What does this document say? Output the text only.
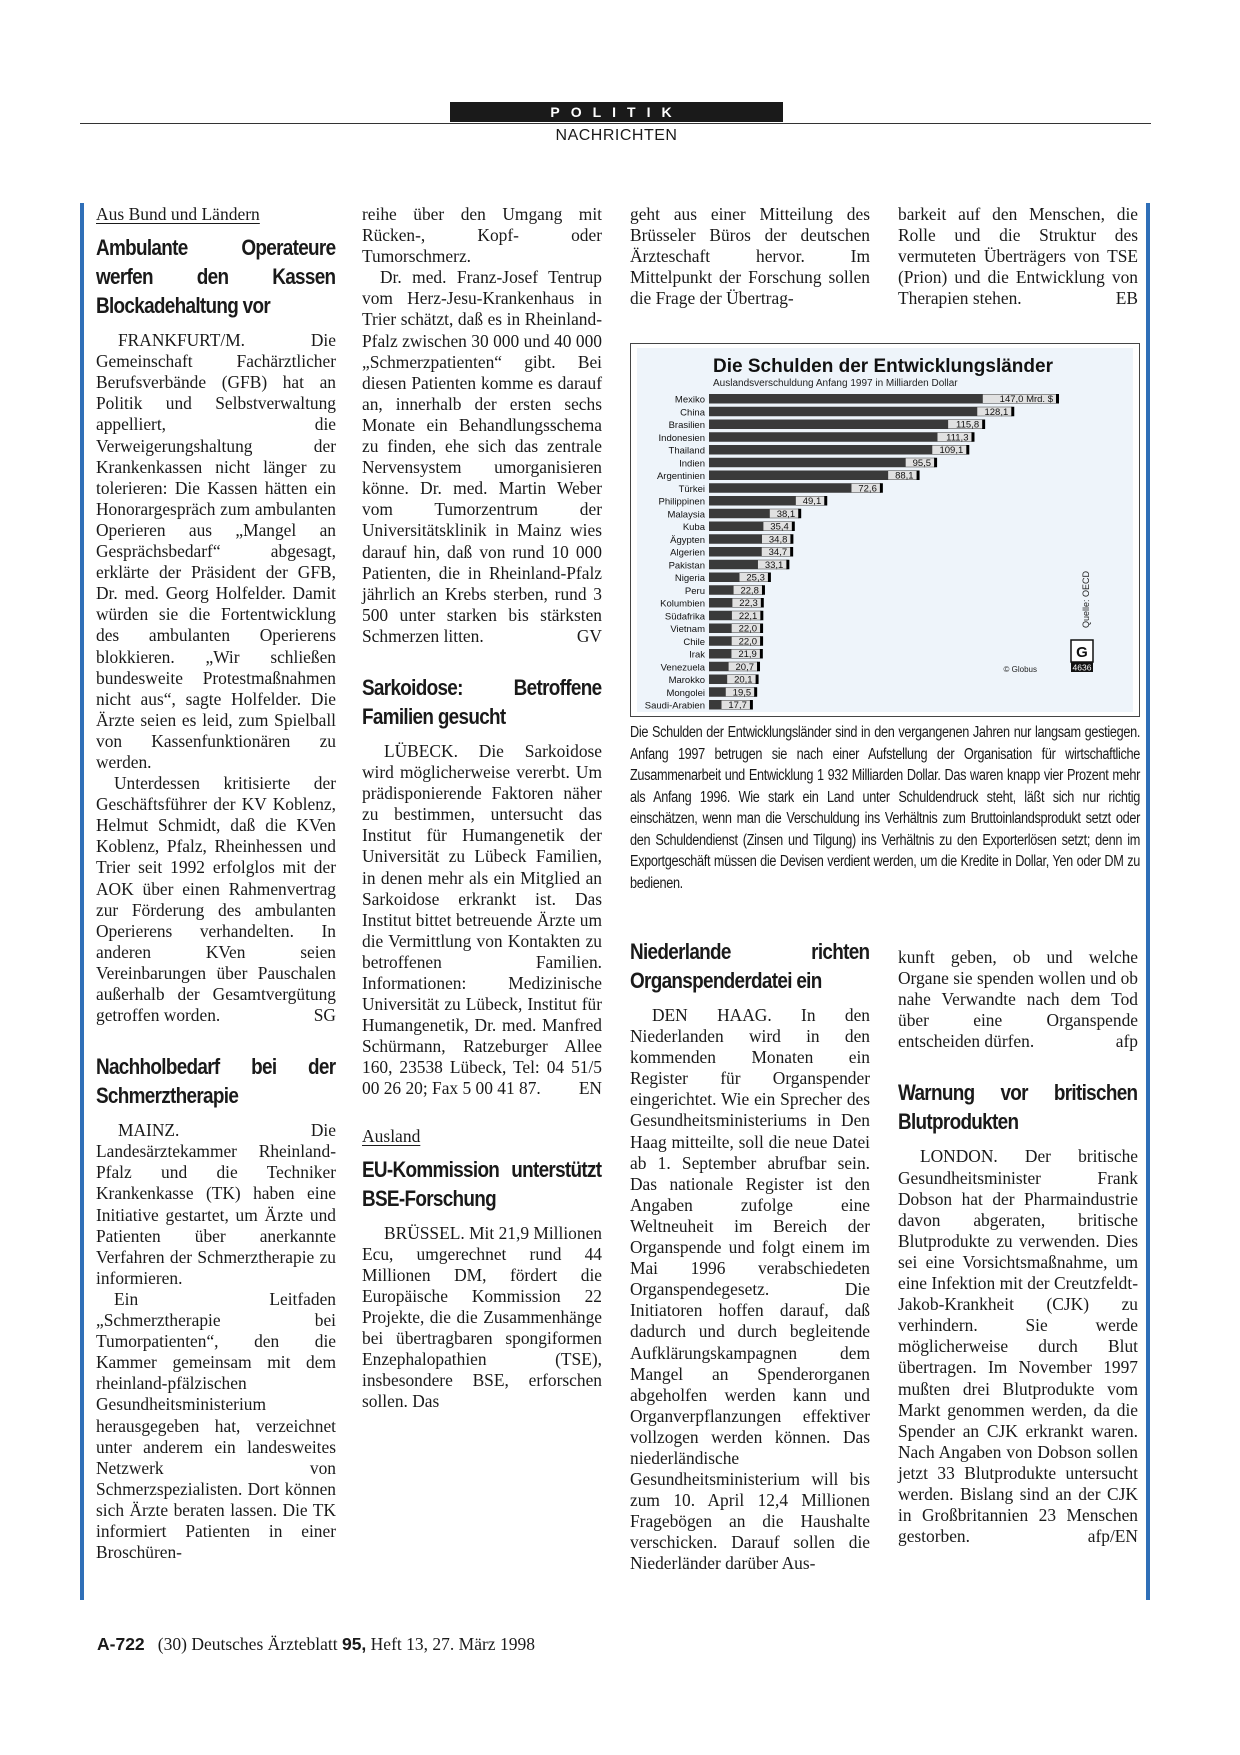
POLITIK
NACHRICHTEN
Aus Bund und Ländern
Ambulante Operateure werfen den Kassen Blockadehaltung vor

FRANKFURT/M. Die Gemeinschaft Fachärztlicher Berufsverbände (GFB) hat an Politik und Selbstverwaltung appelliert, die Verweigerungshaltung der Krankenkassen nicht länger zu tolerieren: Die Kassen hätten ein Honorargespräch zum ambulanten Operieren aus „Mangel an Gesprächsbedarf“ abgesagt, erklärte der Präsident der GFB, Dr. med. Georg Holfelder. Damit würden sie die Fortentwicklung des ambulanten Operierens blokkieren. „Wir schließen bundesweite Protestmaßnahmen nicht aus“, sagte Holfelder. Die Ärzte seien es leid, zum Spielball von Kassenfunktionären zu werden.

Unterdessen kritisierte der Geschäftsführer der KV Koblenz, Helmut Schmidt, daß die KVen Koblenz, Pfalz, Rheinhessen und Trier seit 1992 erfolglos mit der AOK über einen Rahmenvertrag zur Förderung des ambulanten Operierens verhandelten. In anderen KVen seien Vereinbarungen über Pauschalen außerhalb der Gesamtvergütung getroffen worden.	SG

Nachholbedarf bei der Schmerztherapie

MAINZ. Die Landesärztekammer Rheinland-Pfalz und die Techniker Krankenkasse (TK) haben eine Initiative gestartet, um Ärzte und Patienten über anerkannte Verfahren der Schmerztherapie zu informieren.

Ein Leitfaden „Schmerztherapie bei Tumorpatienten“, den die Kammer gemeinsam mit dem rheinland-pfälzischen Gesundheitsministerium herausgegeben hat, verzeichnet unter anderem ein landesweites Netzwerk von Schmerzspezialisten. Dort können sich Ärzte beraten lassen. Die TK informiert Patienten in einer Broschüren-

reihe über den Umgang mit Rücken-, Kopf- oder Tumorschmerz.

Dr. med. Franz-Josef Tentrup vom Herz-Jesu-Krankenhaus in Trier schätzt, daß es in Rheinland-Pfalz zwischen 30 000 und 40 000 „Schmerzpatienten“ gibt. Bei diesen Patienten komme es darauf an, innerhalb der ersten sechs Monate ein Behandlungsschema zu finden, ehe sich das zentrale Nervensystem umorganisieren könne. Dr. med. Martin Weber vom Tumorzentrum der Universitätsklinik in Mainz wies darauf hin, daß von rund 10 000 Patienten, die in Rheinland-Pfalz jährlich an Krebs sterben, rund 3 500 unter starken bis stärksten Schmerzen litten.	GV

Sarkoidose: Betroffene Familien gesucht

LÜBECK. Die Sarkoidose wird möglicherweise vererbt. Um prädisponierende Faktoren näher zu bestimmen, untersucht das Institut für Humangenetik der Universität zu Lübeck Familien, in denen mehr als ein Mitglied an Sarkoidose erkrankt ist. Das Institut bittet betreuende Ärzte um die Vermittlung von Kontakten zu betroffenen Familien. Informationen: Medizinische Universität zu Lübeck, Institut für Humangenetik, Dr. med. Manfred Schürmann, Ratzeburger Allee 160, 23538 Lübeck, Tel: 04 51/5 00 26 20; Fax 5 00 41 87.	EN

Ausland
EU-Kommission unterstützt BSE-Forschung

BRÜSSEL. Mit 21,9 Millionen Ecu, umgerechnet rund 44 Millionen DM, fördert die Europäische Kommission 22 Projekte, die die Zusammenhänge bei übertragbaren spongiformen Enzephalopathien (TSE), insbesondere BSE, erforschen sollen. Das

geht aus einer Mitteilung des Brüsseler Büros der deutschen Ärzteschaft hervor. Im Mittelpunkt der Forschung sollen die Frage der Übertrag-

barkeit auf den Menschen, die Rolle und die Struktur des vermuteten Überträgers von TSE (Prion) und die Entwicklung von Therapien stehen.	EB

Die Schulden der Entwicklungsländer
Auslandsverschuldung Anfang 1997 in Milliarden Dollar
Mexiko	147,0 Mrd. $
China	128,1
Brasilien	115,8
Indonesien	111,3
Thailand	109,1
Indien	95,5
Argentinien	88,1
Türkei	72,6
Philippinen	49,1
Malaysia	38,1
Kuba	35,4
Ägypten	34,8
Algerien	34,7
Pakistan	33,1
Nigeria	25,3
Peru	22,8
Kolumbien	22,3
Südafrika	22,1
Vietnam	22,0
Chile	22,0
Irak	21,9
Venezuela	20,7
Marokko	20,1
Mongolei	19,5
Saudi-Arabien 17,7
Quelle: OECD
G
4636
© Globus
Die Schulden der Entwicklungsländer sind in den vergangenen Jahren nur langsam gestiegen. Anfang 1997 betrugen sie nach einer Aufstellung der Organisation für wirtschaftliche Zusammenarbeit und Entwicklung 1 932 Milliarden Dollar. Das waren knapp vier Prozent mehr als Anfang 1996. Wie stark ein Land unter Schuldendruck steht, läßt sich nur richtig einschätzen, wenn man die Verschuldung ins Verhältnis zum Bruttoinlandsprodukt setzt oder den Schuldendienst (Zinsen und Tilgung) ins Verhältnis zu den Exporterlösen setzt; denn im Exportgeschäft müssen die Devisen verdient werden, um die Kredite in Dollar, Yen oder DM zu bedienen.
Niederlande richten Organspenderdatei ein

DEN HAAG. In den Niederlanden wird in den kommenden Monaten ein Register für Organspender eingerichtet. Wie ein Sprecher des Gesundheitsministeriums in Den Haag mitteilte, soll die neue Datei ab 1. September abrufbar sein. Das nationale Register ist den Angaben zufolge eine Weltneuheit im Bereich der Organspende und folgt einem im Mai 1996 verabschiedeten Organspendegesetz. Die Initiatoren hoffen darauf, daß dadurch und durch begleitende Aufklärungskampagnen dem Mangel an Spenderorganen abgeholfen werden kann und Organverpflanzungen effektiver vollzogen werden können. Das niederländische Gesundheitsministerium will bis zum 10. April 12,4 Millionen Fragebögen an die Haushalte verschicken. Darauf sollen die Niederländer darüber Aus-

kunft geben, ob und welche Organe sie spenden wollen und ob nahe Verwandte nach dem Tod über eine Organspende entscheiden dürfen.	afp

Warnung vor britischen Blutprodukten

LONDON. Der britische Gesundheitsminister Frank Dobson hat der Pharmaindustrie davon abgeraten, britische Blutprodukte zu verwenden. Dies sei eine Vorsichtsmaßnahme, um eine Infektion mit der Creutzfeldt-Jakob-Krankheit (CJK) zu verhindern. Sie werde möglicherweise durch Blut übertragen. Im November 1997 mußten drei Blutprodukte vom Markt genommen werden, da die Spender an CJK erkrankt waren. Nach Angaben von Dobson sollen jetzt 33 Blutprodukte untersucht werden. Bislang sind an der CJK in Großbritannien 23 Menschen gestorben.	afp/EN

A-722 (30) Deutsches Ärzteblatt 95, Heft 13, 27. März 1998
